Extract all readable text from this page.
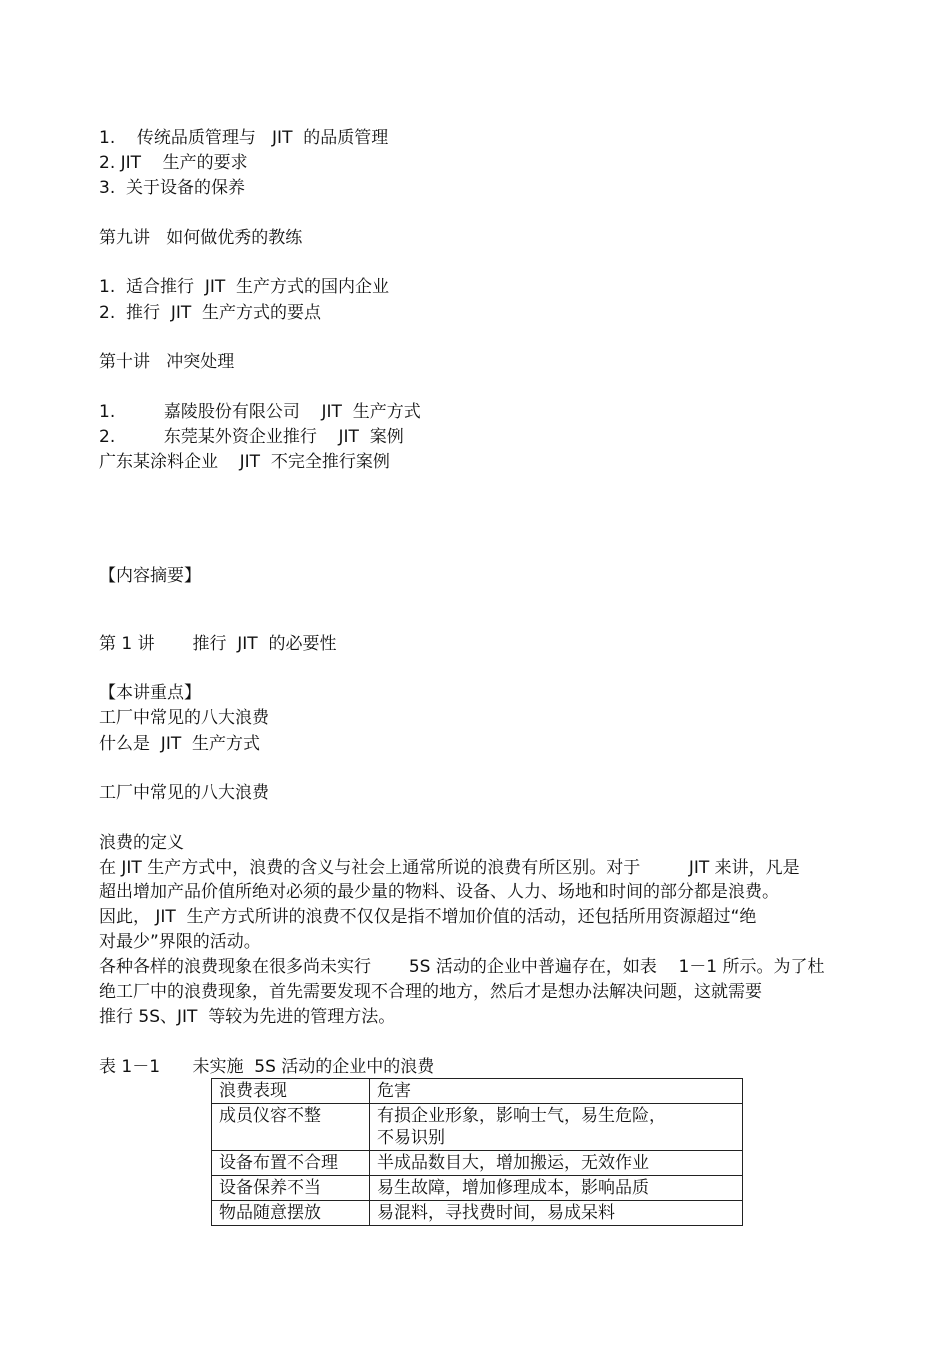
1.    传统品质管理与   JIT  的品质管理
2. JIT    生产的要求
3.  关于设备的保养
第九讲   如何做优秀的教练
1.  适合推行  JIT  生产方式的国内企业
2.  推行  JIT  生产方式的要点
第十讲   冲突处理
1.         嘉陵股份有限公司    JIT  生产方式
2.         东莞某外资企业推行    JIT  案例
广东某涂料企业    JIT  不完全推行案例
【内容摘要】
第 1 讲       推行  JIT  的必要性
【本讲重点】
工厂中常见的八大浪费
什么是  JIT  生产方式
工厂中常见的八大浪费
浪费的定义
在 JIT 生产方式中，浪费的含义与社会上通常所说的浪费有所区别。对于         JIT 来讲，凡是
超出增加产品价值所绝对必须的最少量的物料、设备、人力、场地和时间的部分都是浪费。
因此， JIT  生产方式所讲的浪费不仅仅是指不增加价值的活动，还包括所用资源超过“绝
对最少”界限的活动。
各种各样的浪费现象在很多尚未实行       5S 活动的企业中普遍存在，如表    1－1 所示。为了杜
绝工厂中的浪费现象，首先需要发现不合理的地方，然后才是想办法解决问题，这就需要
推行 5S、JIT  等较为先进的管理方法。
表 1－1      未实施  5S 活动的企业中的浪费
浪费表现	危害
成员仪容不整	有损企业形象，影响士气，易生危险，不易识别
设备布置不合理	半成品数目大，增加搬运，无效作业
设备保养不当	易生故障，增加修理成本，影响品质
物品随意摆放	易混料，寻找费时间，易成呆料
